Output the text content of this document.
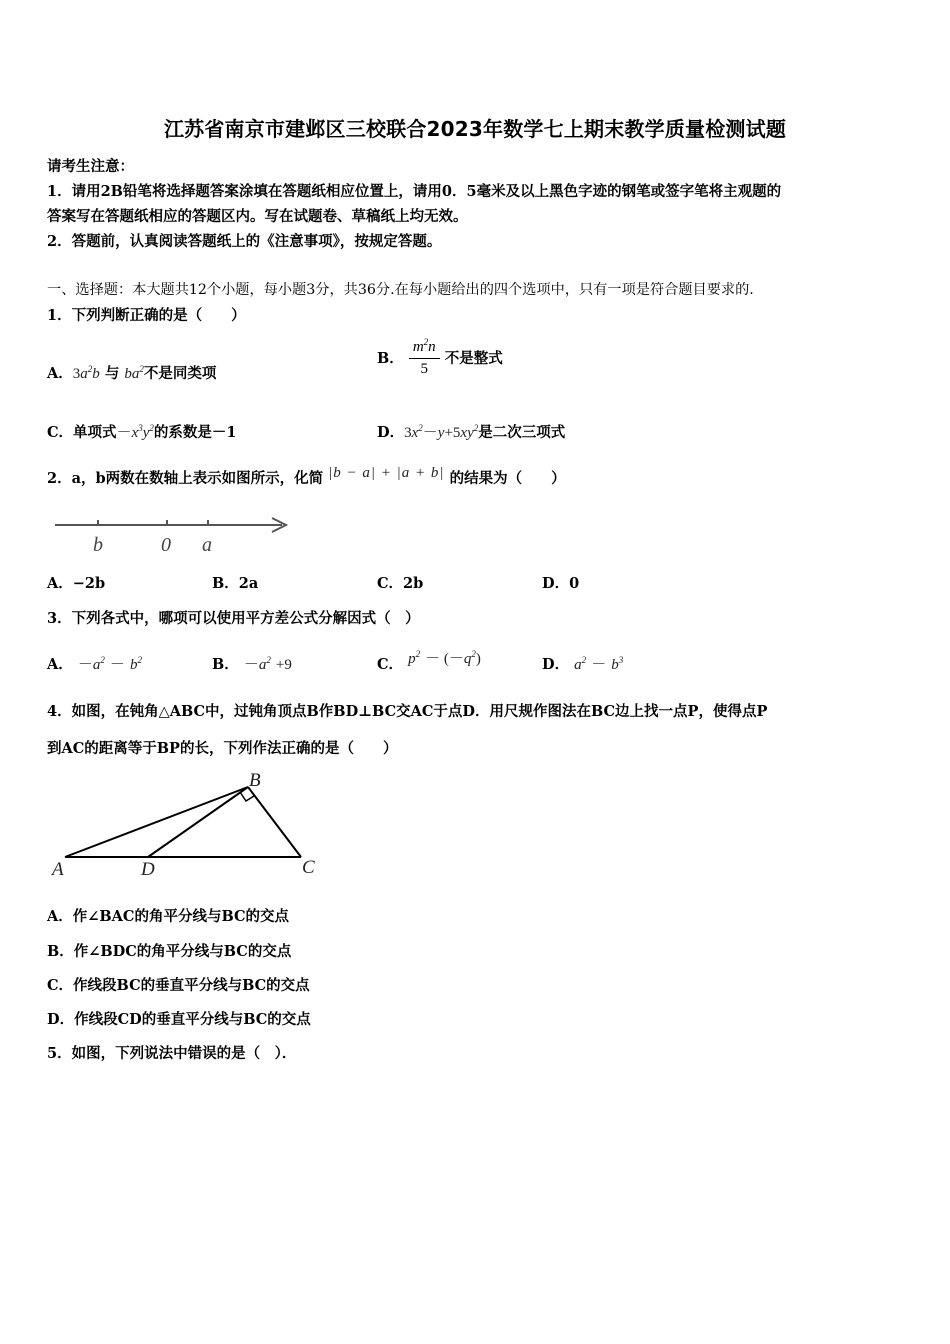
江苏省南京市建邺区三校联合2023年数学七上期末教学质量检测试题
请考生注意：
1．请用2B铅笔将选择题答案涂填在答题纸相应位置上，请用0．5毫米及以上黑色字迹的钢笔或签字笔将主观题的
答案写在答题纸相应的答题区内。写在试题卷、草稿纸上均无效。
2．答题前，认真阅读答题纸上的《注意事项》，按规定答题。
一、选择题：本大题共12个小题，每小题3分，共36分.在每小题给出的四个选项中，只有一项是符合题目要求的.
1．下列判断正确的是（　　）
A．$3a^2b$ 与 $ba^2$不是同类项
B． $\frac{m^2n}{5}$ 不是整式
C．单项式$-x^3y^2$的系数是－1	D．$3x^2-y+5xy^2$是二次三项式
2．a，b两数在数轴上表示如图所示，化简 |b − a| + |a + b| 的结果为（　　）
b	0 a
A．−2b	B．2a	C．2b	D．0
3．下列各式中，哪项可以使用平方差公式分解因式（　）
A． $-a^2 - b^2$	B． $-a^2 +9$	C． $p^2 - (-q^2)$	D． $a^2 - b^3$
4．如图，在钝角△ABC中，过钝角顶点B作BD⊥BC交AC于点D．用尺规作图法在BC边上找一点P，使得点P
到AC的距离等于BP的长，下列作法正确的是（　　）
A
B
C
D
A．作∠BAC的角平分线与BC的交点
B．作∠BDC的角平分线与BC的交点
C．作线段BC的垂直平分线与BC的交点
D．作线段CD的垂直平分线与BC的交点
5．如图，下列说法中错误的是（　）．
